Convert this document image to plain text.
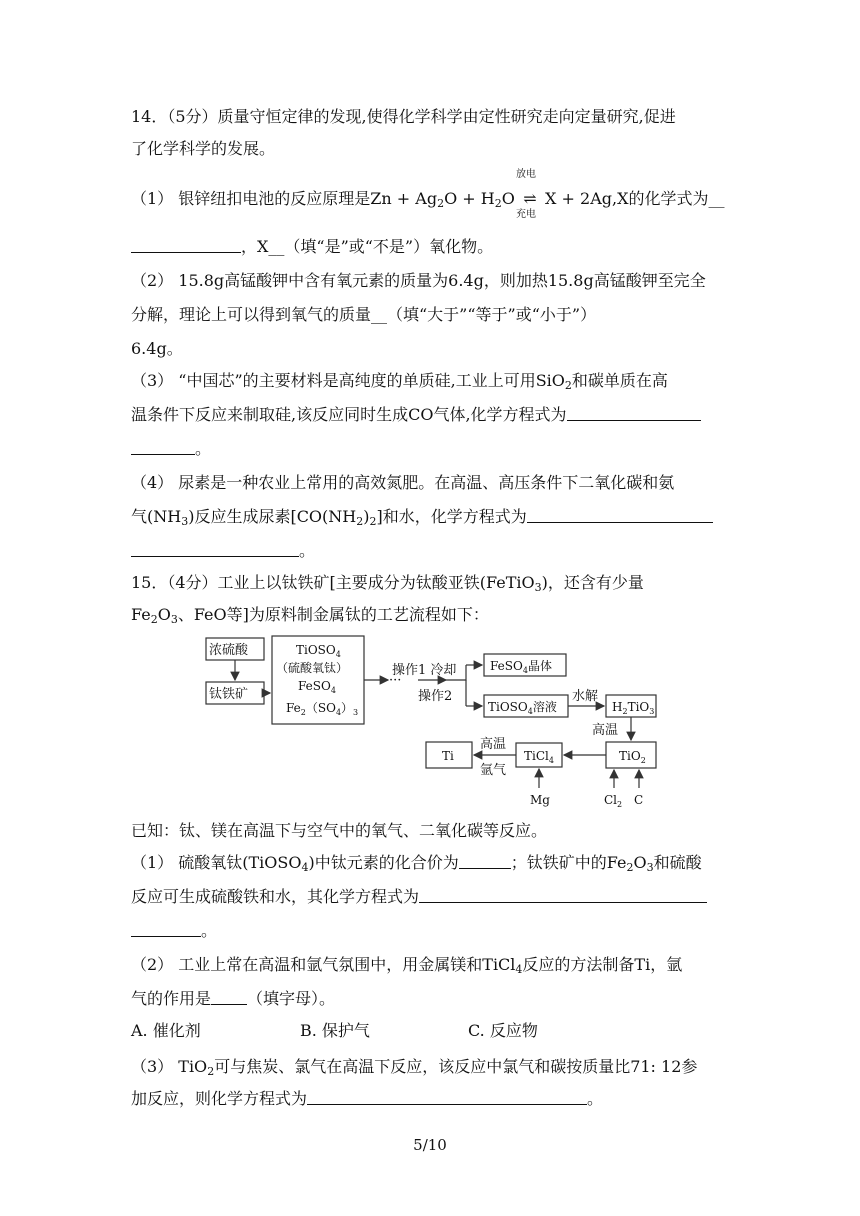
14．（5分）质量守恒定律的发现,使得化学科学由定性研究走向定量研究,促进
了化学科学的发展。
（1） 银锌纽扣电池的反应原理是$Zn + Ag_2O + H_2O$
放电
⇌
充电
X + 2Ag,X的化学式为__
，X__（填“是”或“不是”）氧化物。
（2） 15.8g高锰酸钾中含有氧元素的质量为6.4g，则加热15.8g高锰酸钾至完全
分解，理论上可以得到氧气的质量__（填“大于”“等于”或“小于”）
6.4g。
（3） “中国芯”的主要材料是高纯度的单质硅,工业上可用SiO$_2$和碳单质在高
温条件下反应来制取硅,该反应同时生成CO气体,化学方程式为
。
（4） 尿素是一种农业上常用的高效氮肥。在高温、高压条件下二氧化碳和氨
气$(NH_3)$反应生成尿素$[CO(NH_2)_2]$和水，化学方程式为
。
15．（4分）工业上以钛铁矿[主要成分为钛酸亚铁(FeTiO$_3$)，还含有少量
$Fe_2O_3$、FeO等]为原料制金属钛的工艺流程如下：
浓硫酸
钛铁矿
TiOSO$_4$
（硫酸氧钛）
FeSO$_4$
$Fe_2(SO_4)_3$
···
操作1 冷却
操作2
FeSO$_4$晶体
TiOSO$_4$溶液
水解
$H_2TiO_3$
高温
TiO$_2$
TiCl$_4$
Ti
高温
氩气
Mg	$Cl_2$ C
已知：钛、镁在高温下与空气中的氧气、二氧化碳等反应。
（1） 硫酸氧钛(TiOSO$_4$)中钛元素的化合价为	；钛铁矿中的$Fe_2O_3$和硫酸
反应可生成硫酸铁和水，其化学方程式为
。
（2） 工业上常在高温和氩气氛围中，用金属镁和TiCl$_4$反应的方法制备Ti，氩
气的作用是 （填字母）。
A. 催化剂	B. 保护气	C. 反应物
（3） TiO$_2$可与焦炭、氯气在高温下反应，该反应中氯气和碳按质量比71: 12参
加反应，则化学方程式为	。
5/10
